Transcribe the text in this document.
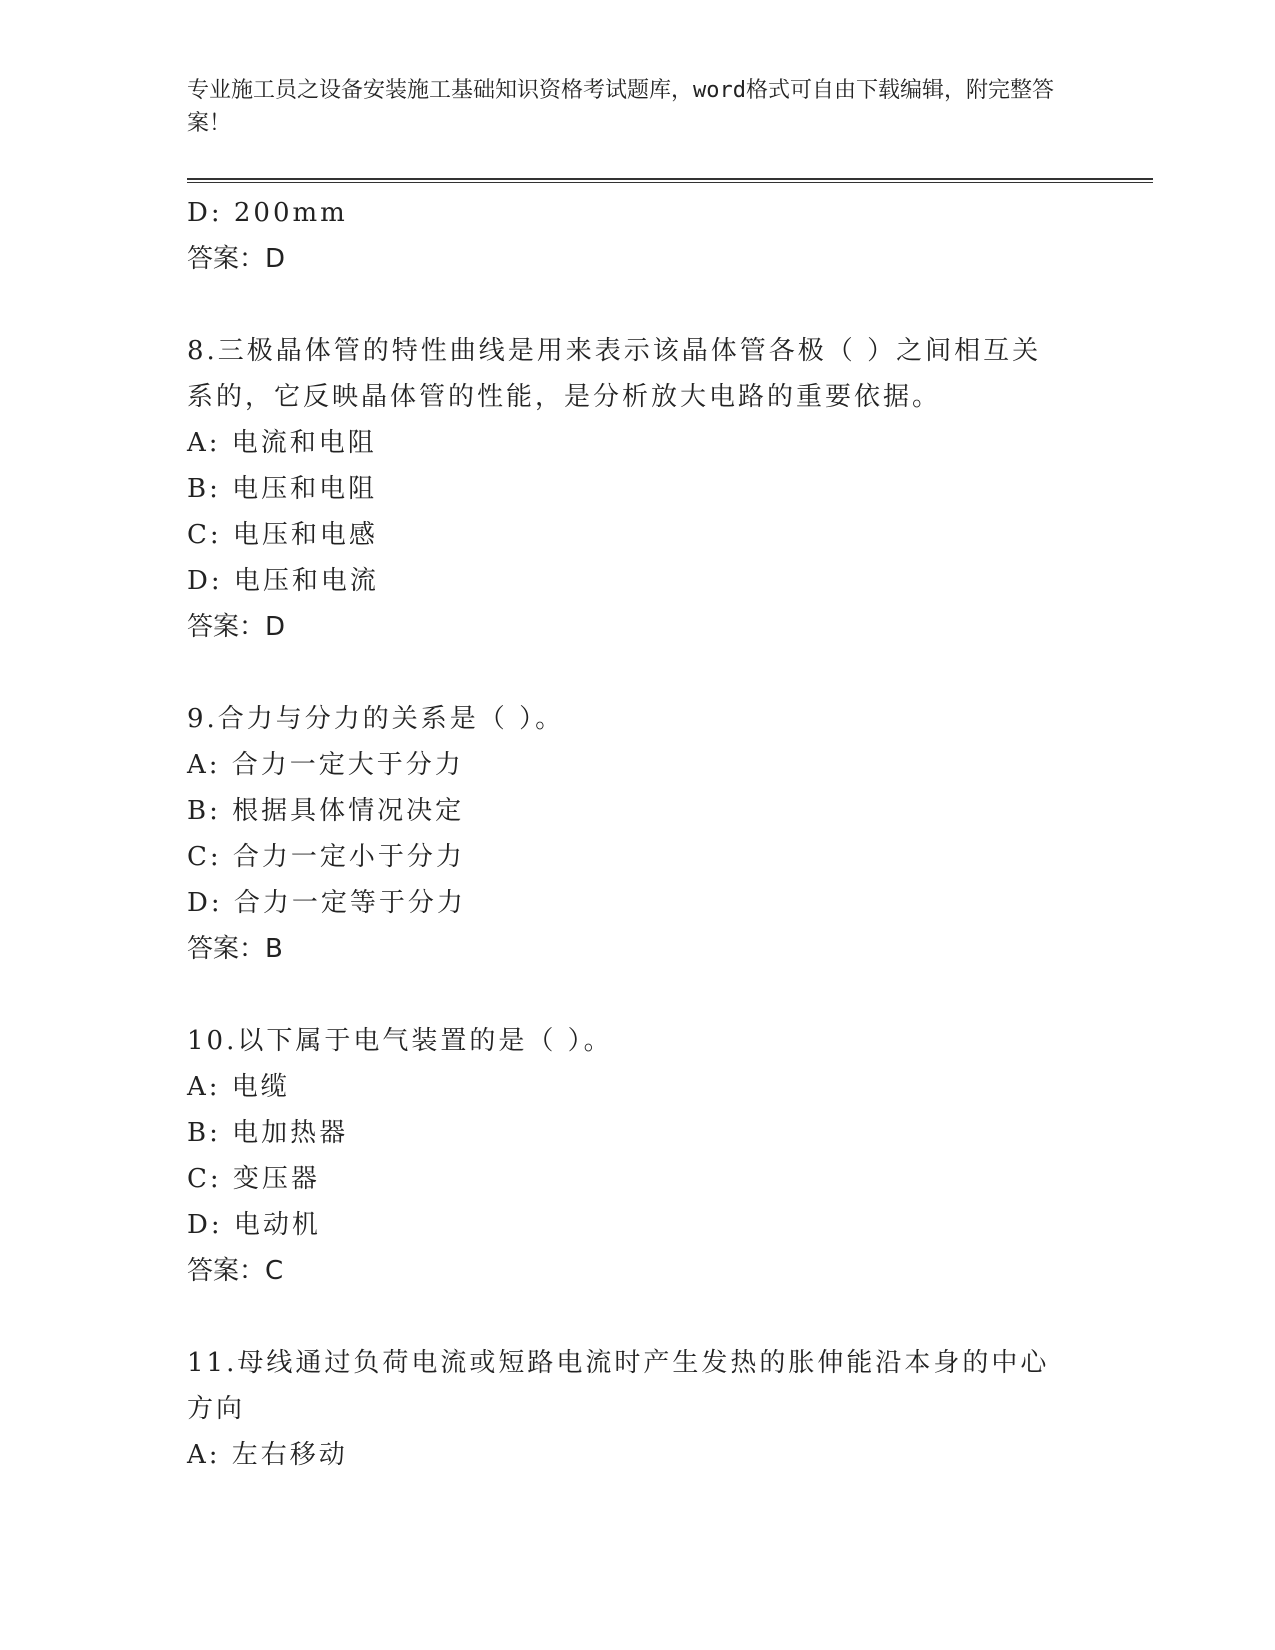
专业施工员之设备安装施工基础知识资格考试题库，word格式可自由下载编辑，附完整答案！
D: 200mm
答案：D
8.三极晶体管的特性曲线是用来表示该晶体管各极（ ）之间相互关系的，它反映晶体管的性能，是分析放大电路的重要依据。
A: 电流和电阻
B: 电压和电阻
C: 电压和电感
D: 电压和电流
答案：D
9.合力与分力的关系是（ ）。
A: 合力一定大于分力
B: 根据具体情况决定
C: 合力一定小于分力
D: 合力一定等于分力
答案：B
10.以下属于电气装置的是（ ）。
A: 电缆
B: 电加热器
C: 变压器
D: 电动机
答案：C
11.母线通过负荷电流或短路电流时产生发热的胀伸能沿本身的中心方向
A: 左右移动
